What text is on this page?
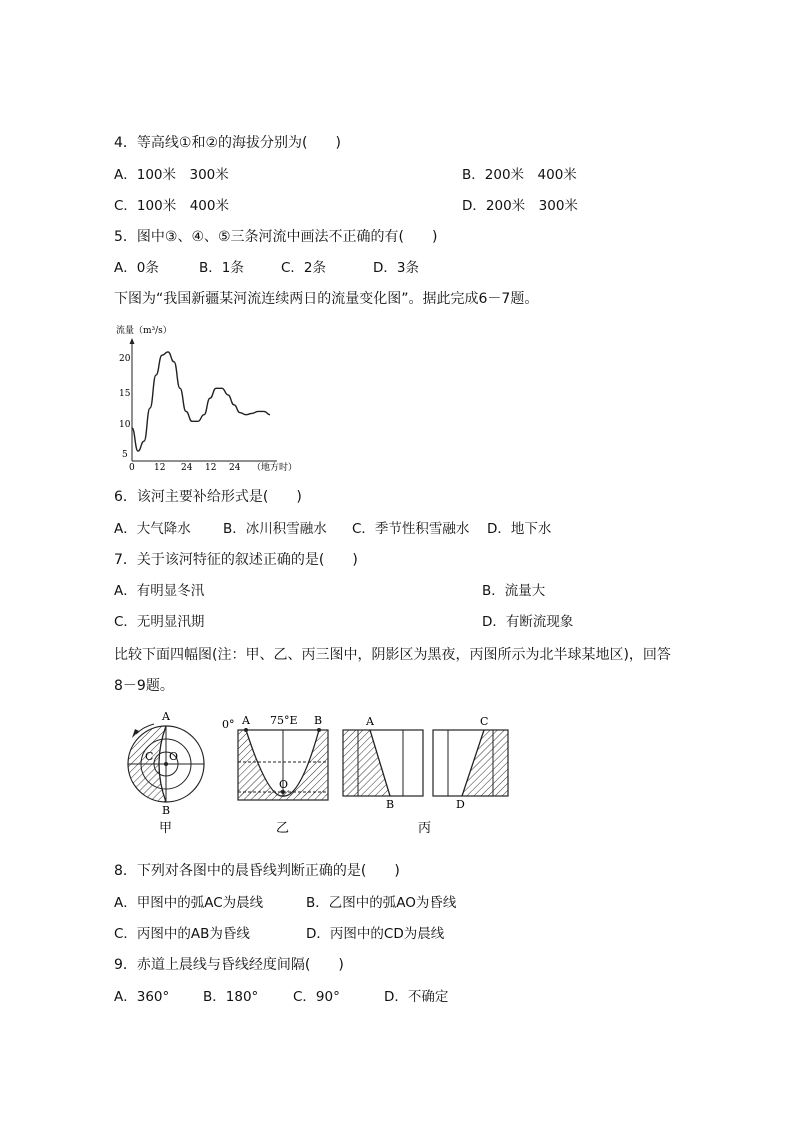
4．等高线①和②的海拔分别为(　　)
A．100米　300米	B．200米　400米
C．100米　400米	D．200米　300米
5．图中③、④、⑤三条河流中画法不正确的有(　　)
A．0条	B．1条	C．2条	D．3条
下图为“我国新疆某河流连续两日的流量变化图”。据此完成6－7题。
流量（m³/s）
20
15
10
5
0 12 24 12 24 （地方时）
6．该河主要补给形式是(　　)
A．大气降水 B．冰川积雪融水 C．季节性积雪融水 D．地下水
7．关于该河特征的叙述正确的是(　　)
A．有明显冬汛	B．流量大
C．无明显汛期	D．有断流现象
比较下面四幅图(注：甲、乙、丙三图中，阴影区为黑夜，丙图所示为北半球某地区)，回答
8－9题。
A
B
C O
甲
0° A 75°E B
O
乙
A
B
C
D
丙
8．下列对各图中的晨昏线判断正确的是(　　)
A．甲图中的弧AC为晨线	B．乙图中的弧AO为昏线
C．丙图中的AB为昏线	D．丙图中的CD为晨线
9．赤道上晨线与昏线经度间隔(　　)
A．360° B．180°	C．90°	D．不确定
